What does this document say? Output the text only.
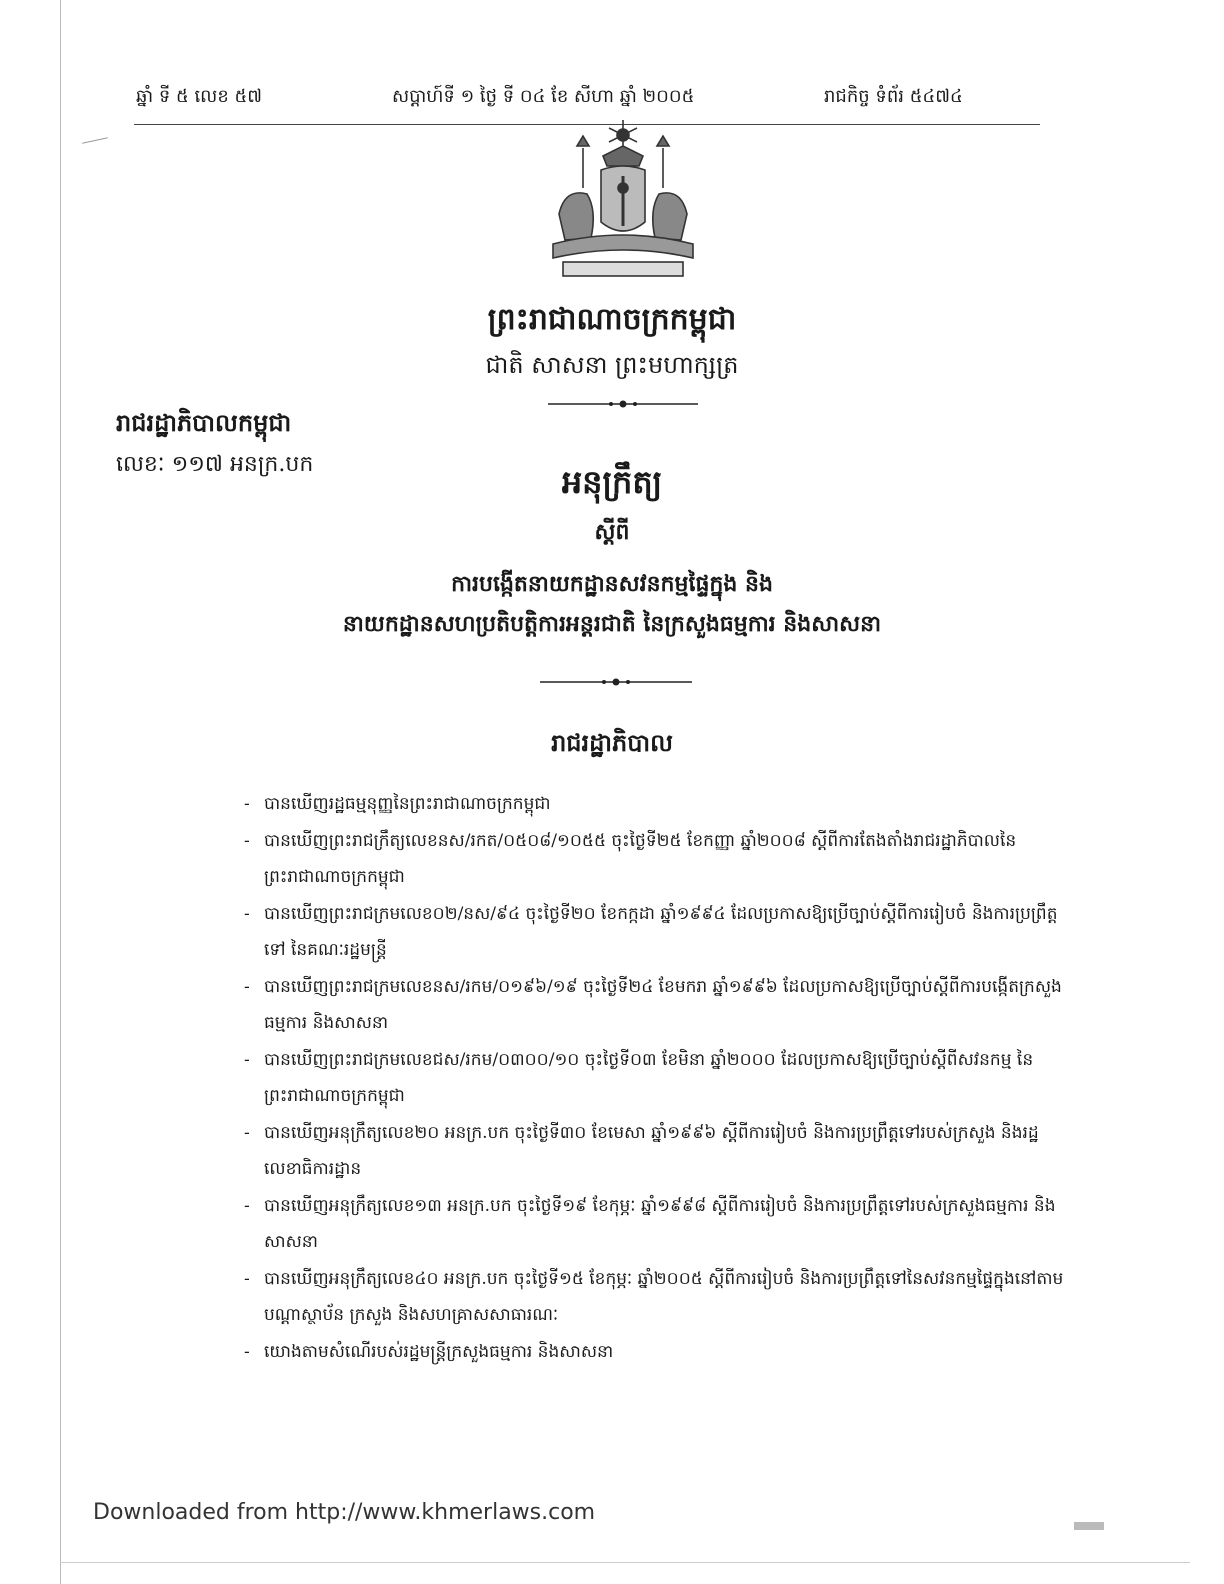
ឆ្នាំ ទី ៥ លេខ ៥៧	សប្តាហ៍ទី ១ ថ្ងៃ ទី ០៤ ខែ សីហា ឆ្នាំ ២០០៥	រាជកិច្ច ទំព័រ ៥៤៧៤
ព្រះរាជាណាចក្រកម្ពុជា
ជាតិ សាសនា ព្រះមហាក្សត្រ
រាជរដ្ឋាភិបាលកម្ពុជា
លេខៈ ១១៧ អនក្រ.បក	អនុក្រឹត្យ
ស្តីពី
ការបង្កើតនាយកដ្ឋានសវនកម្មផ្ទៃក្នុង និង
នាយកដ្ឋានសហប្រតិបត្តិការអន្តរជាតិ នៃក្រសួងធម្មការ និងសាសនា
រាជរដ្ឋាភិបាល
- បានឃើញរដ្ឋធម្មនុញ្ញនៃព្រះរាជាណាចក្រកម្ពុជា
- បានឃើញព្រះរាជក្រឹត្យលេខនស/រកត/០៥០៨/១០៥៥ ចុះថ្ងៃទី២៥ ខែកញ្ញា ឆ្នាំ២០០៨ ស្តីពីការតែងតាំងរាជរដ្ឋាភិបាលនៃព្រះរាជាណាចក្រកម្ពុជា
- បានឃើញព្រះរាជក្រមលេខ០២/នស/៩៤ ចុះថ្ងៃទី២០ ខែកក្កដា ឆ្នាំ១៩៩៤ ដែលប្រកាសឱ្យប្រើច្បាប់ស្តីពីការរៀបចំ និងការប្រព្រឹត្តទៅ នៃគណៈរដ្ឋមន្ត្រី
- បានឃើញព្រះរាជក្រមលេខនស/រកម/០១៩៦/១៩ ចុះថ្ងៃទី២៤ ខែមករា ឆ្នាំ១៩៩៦ ដែលប្រកាសឱ្យប្រើច្បាប់ស្តីពីការបង្កើតក្រសួងធម្មការ និងសាសនា
- បានឃើញព្រះរាជក្រមលេខជស/រកម/០៣០០/១០ ចុះថ្ងៃទី០៣ ខែមិនា ឆ្នាំ២០០០ ដែលប្រកាសឱ្យប្រើច្បាប់ស្តីពីសវនកម្ម នៃព្រះរាជាណាចក្រកម្ពុជា
- បានឃើញអនុក្រឹត្យលេខ២០ អនក្រ.បក ចុះថ្ងៃទី៣០ ខែមេសា ឆ្នាំ១៩៩៦ ស្តីពីការរៀបចំ និងការប្រព្រឹត្តទៅរបស់ក្រសួង និងរដ្ឋលេខាធិការដ្ឋាន
- បានឃើញអនុក្រឹត្យលេខ១៣ អនក្រ.បក ចុះថ្ងៃទី១៩ ខែកុម្ភៈ ឆ្នាំ១៩៩៨ ស្តីពីការរៀបចំ និងការប្រព្រឹត្តទៅរបស់ក្រសួងធម្មការ និងសាសនា
- បានឃើញអនុក្រឹត្យលេខ៤០ អនក្រ.បក ចុះថ្ងៃទី១៥ ខែកុម្ភៈ ឆ្នាំ២០០៥ ស្តីពីការរៀបចំ និងការប្រព្រឹត្តទៅនៃសវនកម្មផ្ទៃក្នុងនៅតាមបណ្តាស្ថាប័ន ក្រសួង និងសហគ្រាសសាធារណៈ
- យោងតាមសំណើរបស់រដ្ឋមន្ត្រីក្រសួងធម្មការ និងសាសនា
Downloaded from http://www.khmerlaws.com
